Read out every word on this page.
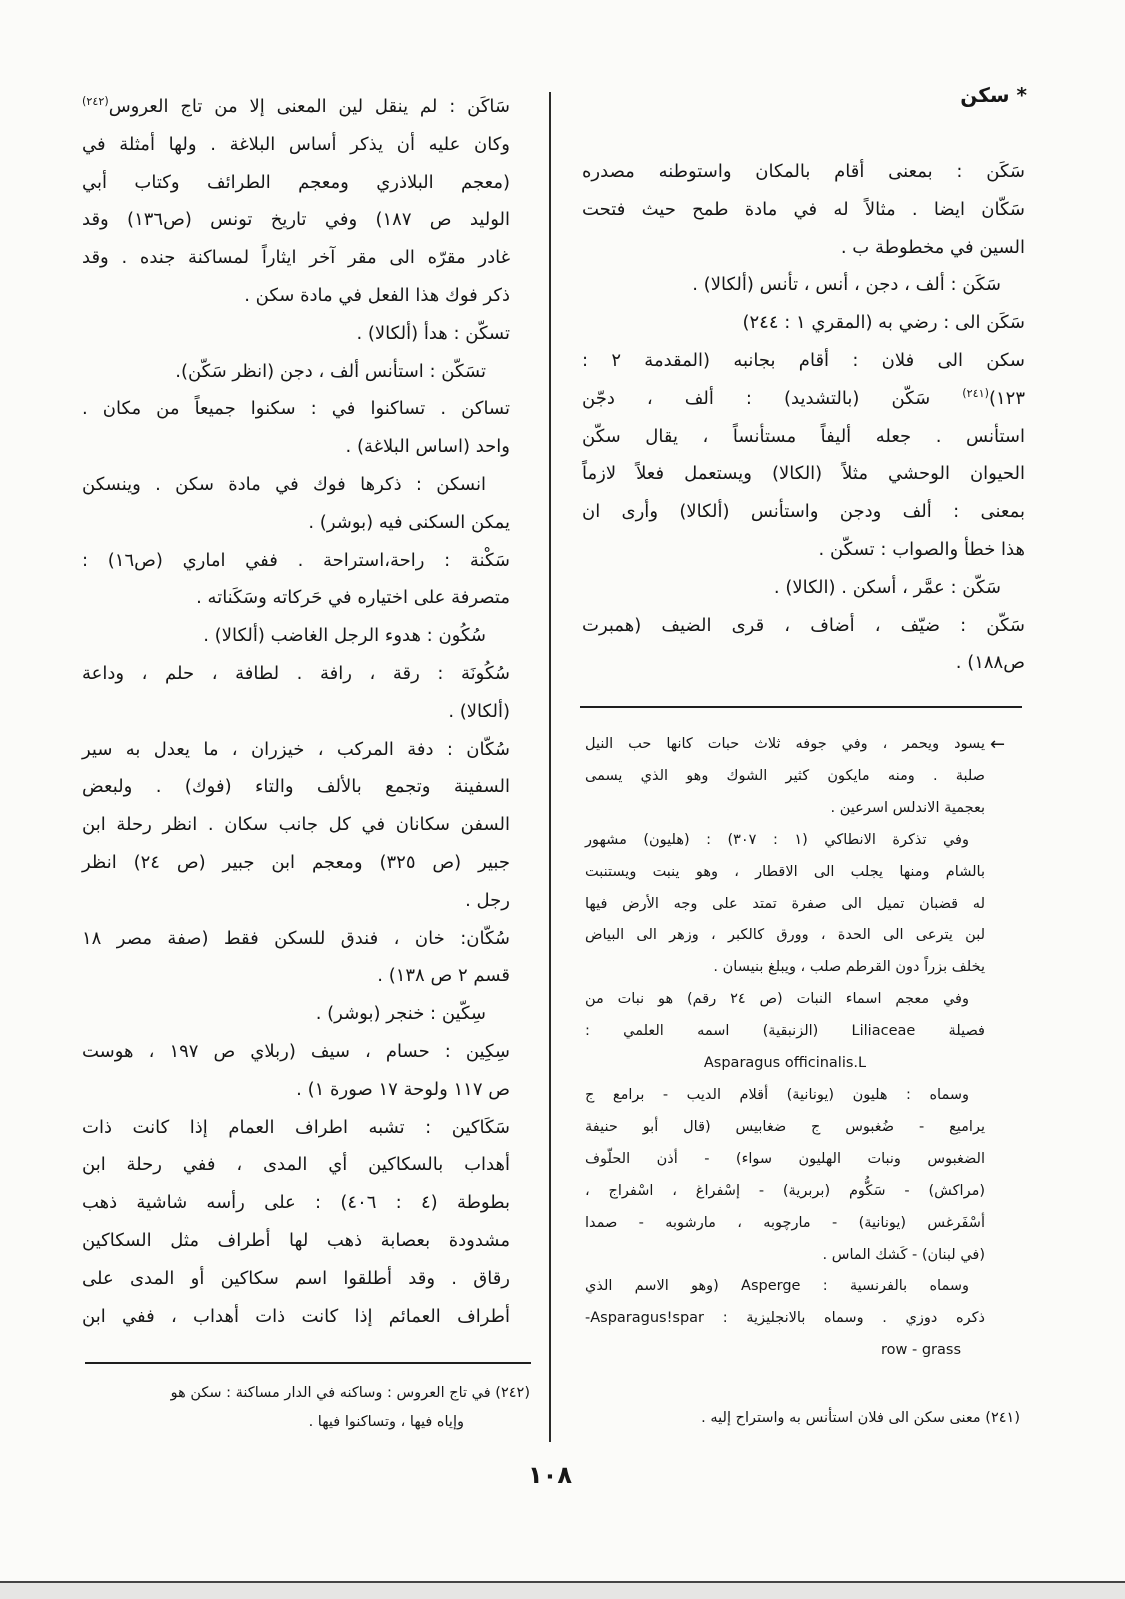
* سكن
سَكَن : بمعنى أقام بالمكان واستوطنه مصدره
سَكّان ايضا . مثالاً له في مادة طمح حيث فتحت
السين في مخطوطة ب .
سَكَن : ألف ، دجن ، أنس ، تأنس (ألكالا) .
سَكَن الى : رضي به (المقري ١ : ٢٤٤)
سكن الى فلان : أقام بجانبه (المقدمة ٢ :
١٢٣)$^{(٢٤١)}$ سَكّن (بالتشديد) : ألف ، دجّن
استأنس . جعله أليفاً مستأنساً ، يقال سكّن
الحيوان الوحشي مثلاً (الكالا) ويستعمل فعلاً لازماً
بمعنى : ألف ودجن واستأنس (ألكالا) وأرى ان
هذا خطأ والصواب : تسكّن .
سَكّن : عمَّر ، أسكن . (الكالا) .
سَكّن : ضيّف ، أضاف ، قرى الضيف (همبرت
ص١٨٨) .
←
يسود ويحمر ، وفي جوفه ثلاث حبات كانها حب النيل
صلبة . ومنه مايكون كثير الشوك وهو الذي يسمى
بعجمية الاندلس اسرعين .
وفي تذكرة الانطاكي (١ : ٣٠٧) : (هليون) مشهور
بالشام ومنها يجلب الى الاقطار ، وهو ينبت ويستنبت
له قضبان تميل الى صفرة تمتد على وجه الأرض فيها
لبن يترعى الى الحدة ، وورق كالكبر ، وزهر الى البياض
يخلف بزراً دون القرطم صلب ، ويبلغ بنيسان .
وفي معجم اسماء النبات (ص ٢٤ رقم) هو نبات من
فصيلة Liliaceae (الزنبقية) اسمه العلمي :
Asparagus officinalis.L
وسماه : هليون (يونانية) أقلام الديب - برامع ج
يراميع - ضُغبوس ج ضغابيس (قال أبو حنيفة
الضغبوس ونبات الهليون سواء) - أذن الحلّوف
(مراكش) - سَكُّوم (بربرية) - إسْفراغ ، اسْفراج ،
أسْفَرغس (يونانية) - مارچوبه ، مارشوبه - صمدا
(في لبنان) - كَشك الماس .
وسماه بالفرنسية : Asperge (وهو الاسم الذي
ذكره دوزي . وسماه بالانجليزية : Asparagus!spar-
row - grass
(٢٤١) معنى سكن الى فلان استأنس به واستراح إليه .
سَاكَن : لم ينقل لين المعنى إلا من تاج العروس$^{(٢٤٢)}$
وكان عليه أن يذكر أساس البلاغة . ولها أمثلة في
(معجم البلاذري ومعجم الطرائف وكتاب أبي
الوليد ص ١٨٧) وفي تاريخ تونس (ص١٣٦) وقد
غادر مقرّه الى مقر آخر ايثاراً لمساكنة جنده . وقد
ذكر فوك هذا الفعل في مادة سكن .
تسكّن : هدأ (ألكالا) .
تسَكّن : استأنس ألف ، دجن (انظر سَكّن).
تساكن . تساكنوا في : سكنوا جميعاً من مكان .
واحد (اساس البلاغة) .
انسكن : ذكرها فوك في مادة سكن . وينسكن
يمكن السكنى فيه (بوشر) .
سَكْنة : راحة،استراحة . ففي اماري (ص١٦) :
متصرفة على اختياره في حَركاته وسَكَناته .
سُكُون : هدوء الرجل الغاضب (ألكالا) .
سُكُونَة : رقة ، رافة . لطافة ، حلم ، وداعة
(ألكالا) .
سُكّان : دفة المركب ، خيزران ، ما يعدل به سير
السفينة وتجمع بالألف والتاء (فوك) . ولبعض
السفن سكانان في كل جانب سكان . انظر رحلة ابن
جبير (ص ٣٢٥) ومعجم ابن جبير (ص ٢٤) انظر
رجل .
سُكّان: خان ، فندق للسكن فقط (صفة مصر ١٨
قسم ٢ ص ١٣٨) .
سِكّين : خنجر (بوشر) .
سِكِين : حسام ، سيف (ربلاي ص ١٩٧ ، هوست
ص ١١٧ ولوحة ١٧ صورة ١) .
سَكَاكين : تشبه اطراف العمام إذا كانت ذات
أهداب بالسكاكين أي المدى ، ففي رحلة ابن
بطوطة (٤ : ٤٠٦) : على رأسه شاشية ذهب
مشدودة بعصابة ذهب لها أطراف مثل السكاكين
رقاق . وقد أطلقوا اسم سكاكين أو المدى على
أطراف العمائم إذا كانت ذات أهداب ، ففي ابن
(٢٤٢) في تاج العروس : وساكنه في الدار مساكنة : سكن هو
وإياه فيها ، وتساكنوا فيها .
١٠٨
